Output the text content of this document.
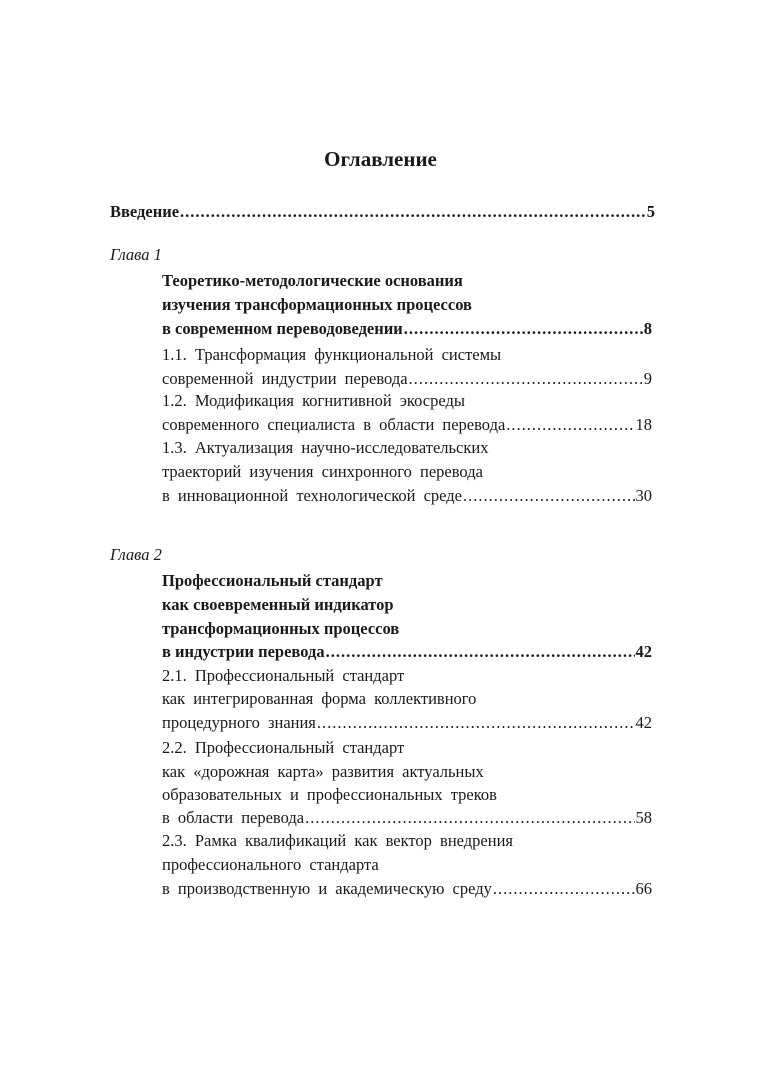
Оглавление
Введение .....	5
Глава 1
Теоретико-методологические основания
изучения трансформационных процессов
в современном переводоведении .....	8
1.1. Трансформация функциональной системы
современной индустрии перевода .....	9
1.2. Модификация когнитивной экосреды
современного специалиста в области перевода .....	18
1.3. Актуализация научно-исследовательских
траекторий изучения синхронного перевода
в инновационной технологической среде .....	30
Глава 2
Профессиональный стандарт
как своевременный индикатор
трансформационных процессов
в индустрии перевода .....	42
2.1. Профессиональный стандарт
как интегрированная форма коллективного
процедурного знания .....	42
2.2. Профессиональный стандарт
как «дорожная карта» развития актуальных
образовательных и профессиональных треков
в области перевода .....	58
2.3. Рамка квалификаций как вектор внедрения
профессионального стандарта
в производственную и академическую среду .....	66
